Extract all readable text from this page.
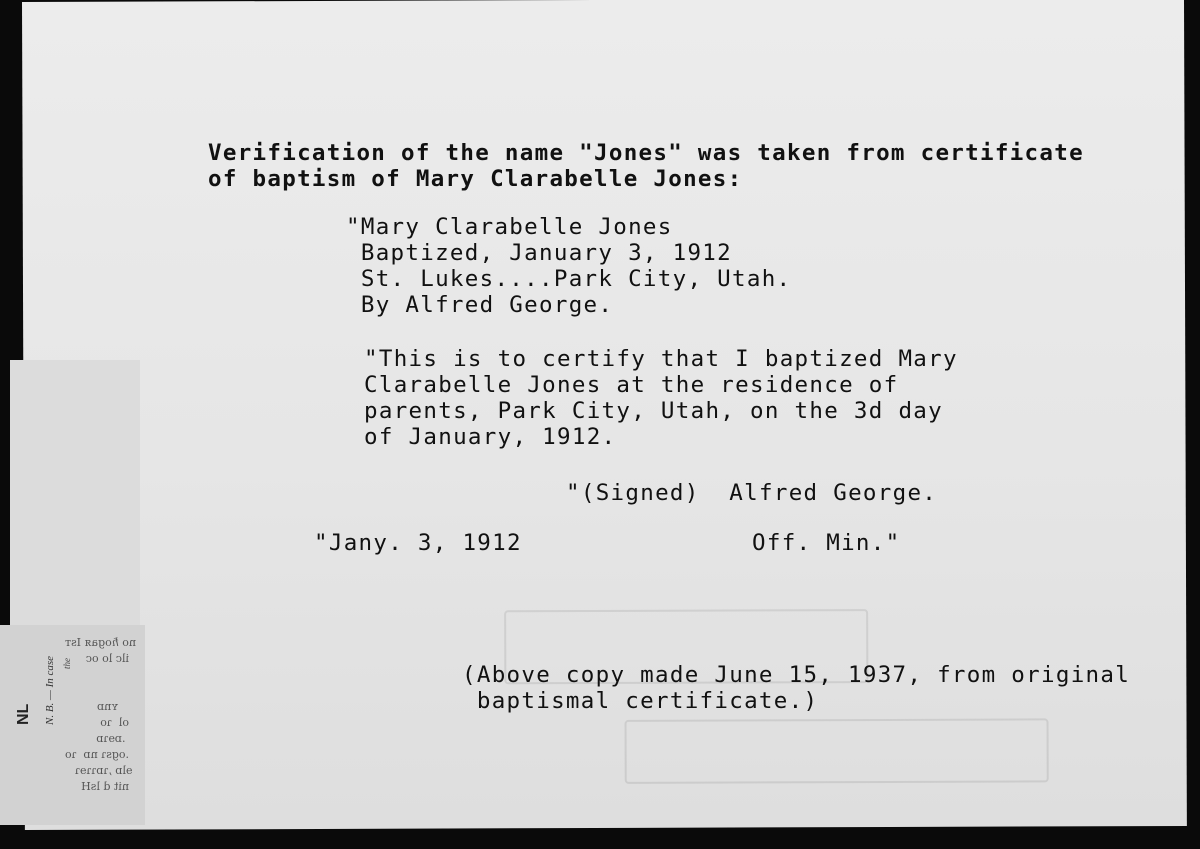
no ℏogaя Isт
ilc lo oc

ʏnɒ
ol  ɿo
.ɒɘɿɒ
.ogsɿ nɒ  ɿo
ɘlɒ ,ɿɒɿɿɘɿ
nit d lsH
NL N. B. — In case the
Verification of the name "Jones" was taken from certificate
of baptism of Mary Clarabelle Jones:
"Mary Clarabelle Jones
Baptized, January 3, 1912
St. Lukes....Park City, Utah.
By Alfred George.
"This is to certify that I baptized Mary
Clarabelle Jones at the residence of
parents, Park City, Utah, on the 3d day
of January, 1912.
"(Signed)  Alfred George.
"Jany. 3, 1912	Off. Min."
(Above copy made June 15, 1937, from original
baptismal certificate.)
